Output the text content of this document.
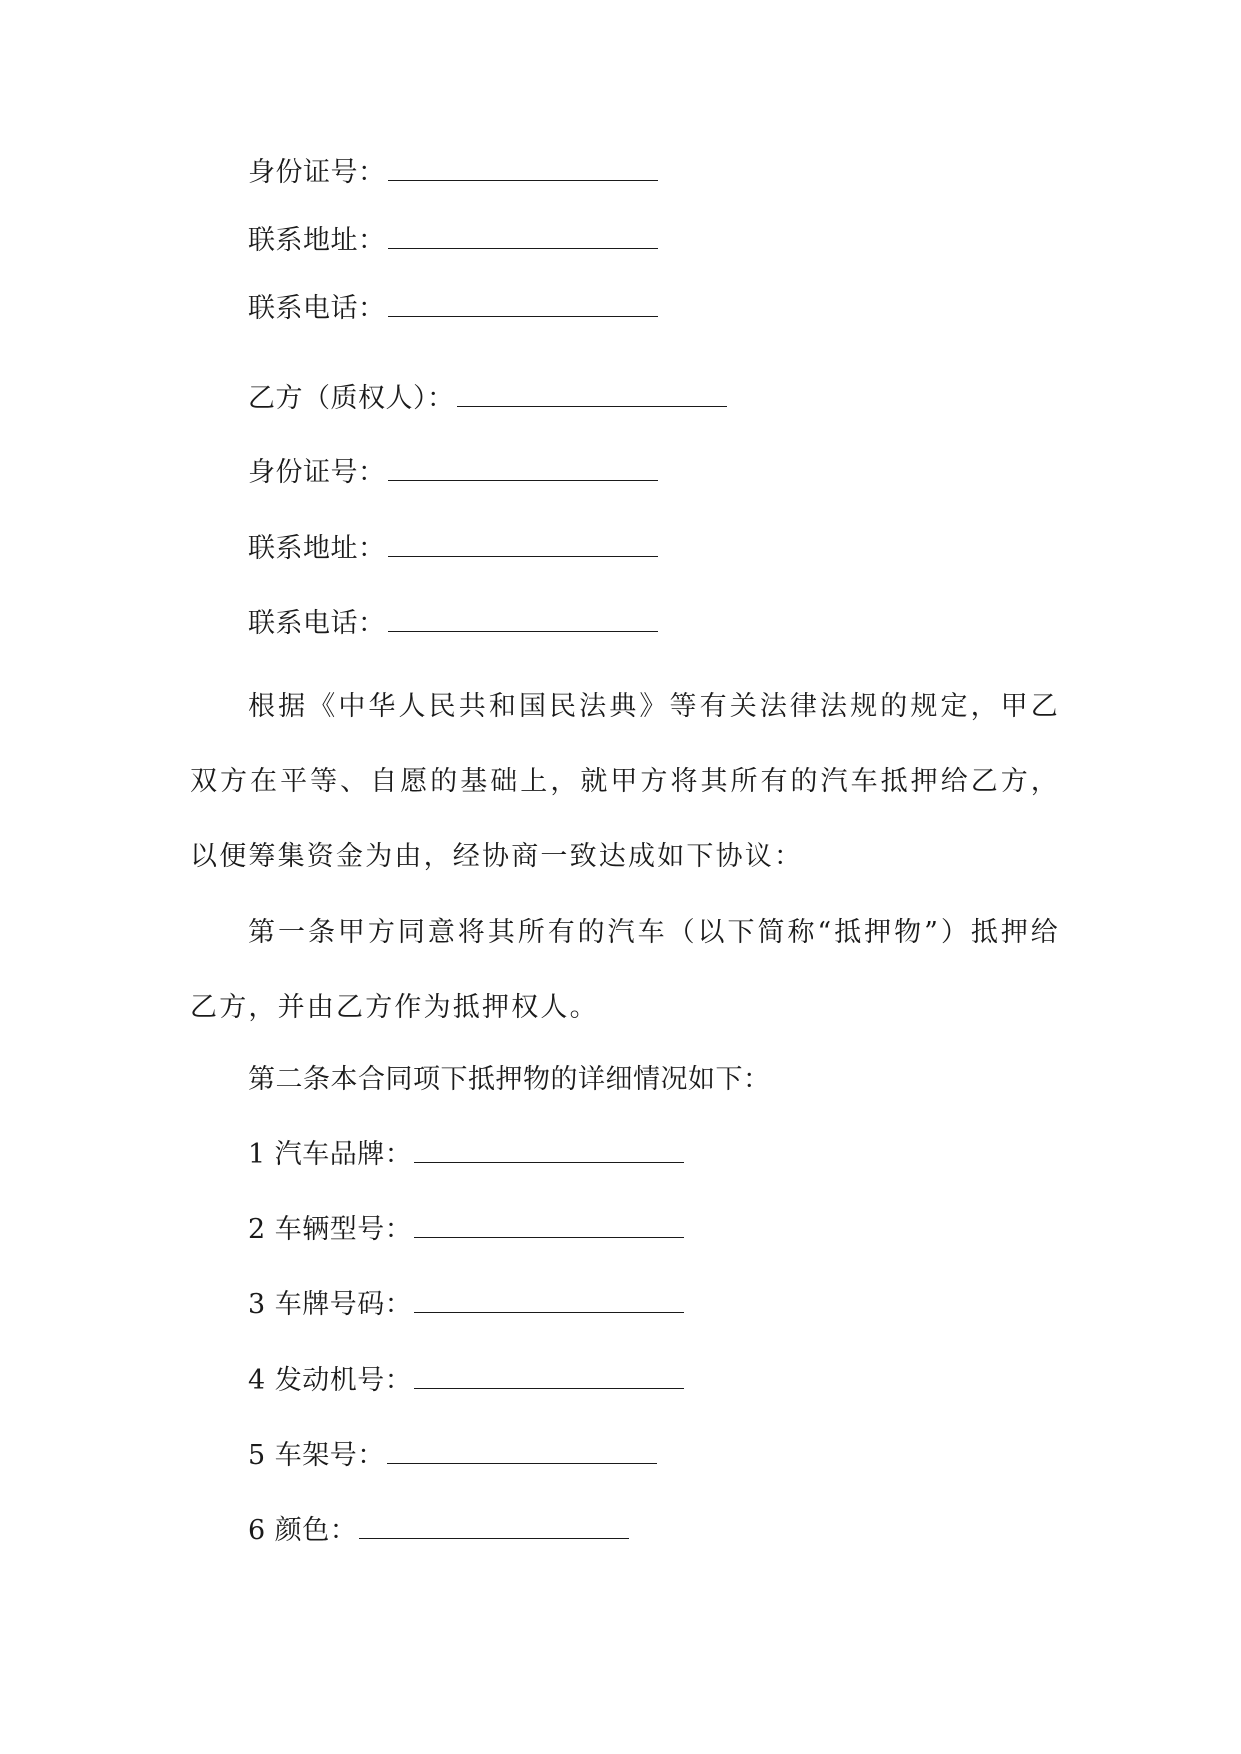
身份证号：
联系地址：
联系电话：
乙方（质权人）：
身份证号：
联系地址：
联系电话：
根据《中华人民共和国民法典》等有关法律法规的规定，甲乙双方在平等、自愿的基础上，就甲方将其所有的汽车抵押给乙方，以便筹集资金为由，经协商一致达成如下协议：
第一条甲方同意将其所有的汽车（以下简称“抵押物”）抵押给乙方，并由乙方作为抵押权人。
第二条本合同项下抵押物的详细情况如下：
1 汽车品牌：
2 车辆型号：
3 车牌号码：
4 发动机号：
5 车架号：
6 颜色：
